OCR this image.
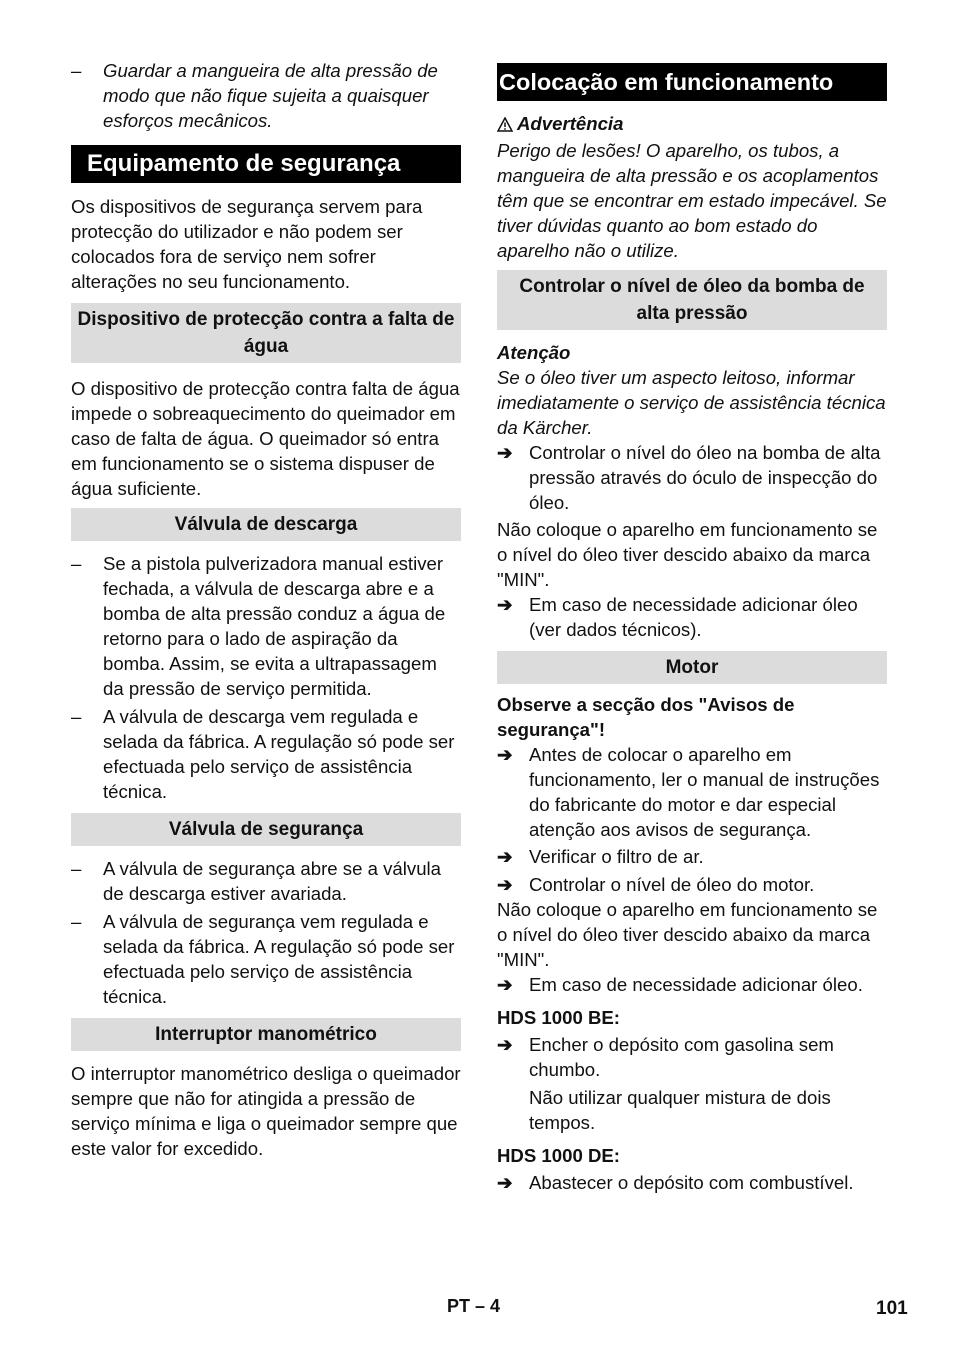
– Guardar a mangueira de alta pressão de modo que não fique sujeita a quaisquer esforços mecânicos.
Equipamento de segurança

Os dispositivos de segurança servem para protecção do utilizador e não podem ser colocados fora de serviço nem sofrer alterações no seu funcionamento.

Dispositivo de protecção contra a falta de água

O dispositivo de protecção contra falta de água impede o sobreaquecimento do queimador em caso de falta de água. O queimador só entra em funcionamento se o sistema dispuser de água suficiente.

Válvula de descarga
– Se a pistola pulverizadora manual estiver fechada, a válvula de descarga abre e a bomba de alta pressão conduz a água de retorno para o lado de aspiração da bomba. Assim, se evita a ultrapassagem da pressão de serviço permitida.
– A válvula de descarga vem regulada e selada da fábrica. A regulação só pode ser efectuada pelo serviço de assistência técnica.
Válvula de segurança
– A válvula de segurança abre se a válvula de descarga estiver avariada.
– A válvula de segurança vem regulada e selada da fábrica. A regulação só pode ser efectuada pelo serviço de assistência técnica.
Interruptor manométrico

O interruptor manométrico desliga o queimador sempre que não for atingida a pressão de serviço mínima e liga o queimador sempre que este valor for excedido.

Colocação em funcionamento
Advertência

Perigo de lesões! O aparelho, os tubos, a mangueira de alta pressão e os acoplamentos têm que se encontrar em estado impecável. Se tiver dúvidas quanto ao bom estado do aparelho não o utilize.

Controlar o nível de óleo da bomba de alta pressão

Atenção

Se o óleo tiver um aspecto leitoso, informar imediatamente o serviço de assistência técnica da Kärcher.

➔ Controlar o nível do óleo na bomba de alta pressão através do óculo de inspecção do óleo.

Não coloque o aparelho em funcionamento se o nível do óleo tiver descido abaixo da marca "MIN".

➔ Em caso de necessidade adicionar óleo (ver dados técnicos).
Motor

Observe a secção dos "Avisos de segurança"!

➔ Antes de colocar o aparelho em funcionamento, ler o manual de instruções do fabricante do motor e dar especial atenção aos avisos de segurança.
➔ Verificar o filtro de ar.
➔ Controlar o nível de óleo do motor.

Não coloque o aparelho em funcionamento se o nível do óleo tiver descido abaixo da marca "MIN".

➔ Em caso de necessidade adicionar óleo.

HDS 1000 BE:

➔ Encher o depósito com gasolina sem chumbo.

Não utilizar qualquer mistura de dois tempos.

HDS 1000 DE:

➔ Abastecer o depósito com combustível.
PT – 4	101
